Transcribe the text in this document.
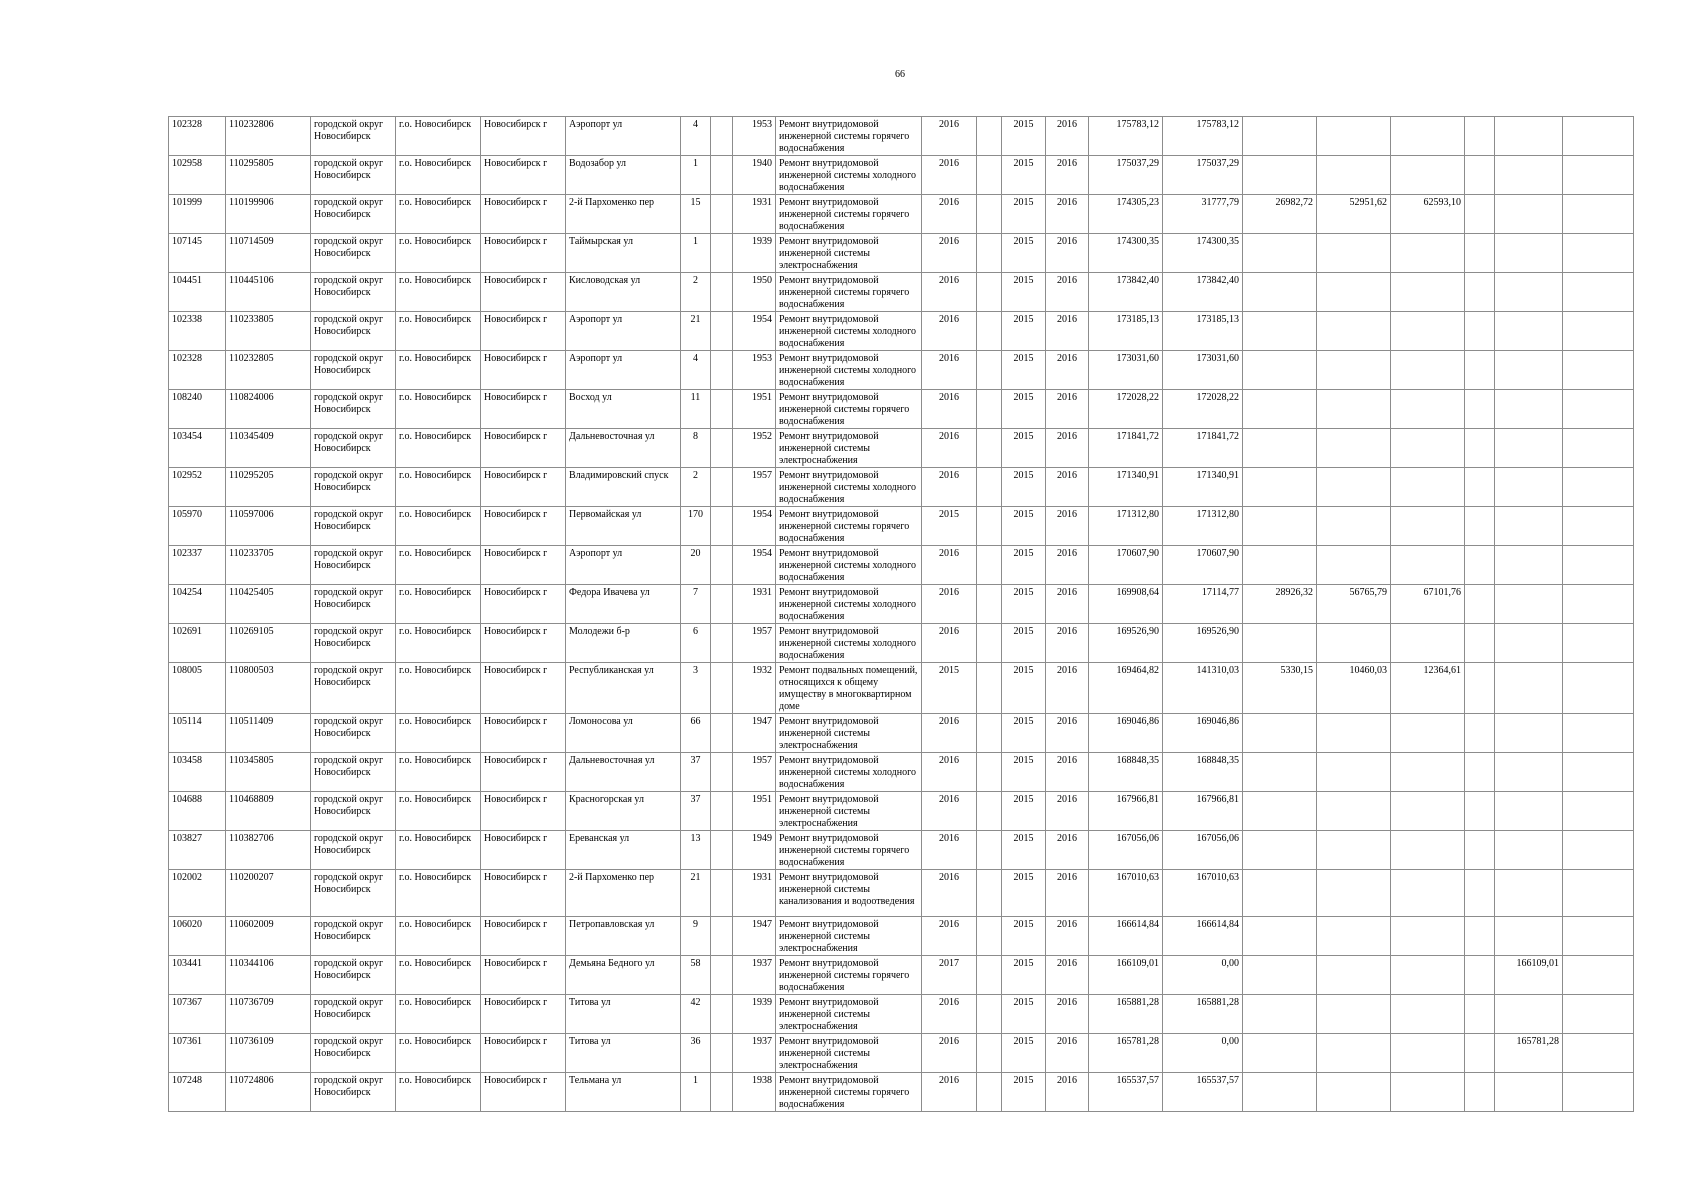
66
102328	110232806	городской округ Новосибирск	г.о. Новосибирск	Новосибирск г	Аэропорт ул	4		1953	Ремонт внутридомовой инженерной системы горячего водоснабжения	2016		2015	2016	175783,12	175783,12						
102958	110295805	городской округ Новосибирск	г.о. Новосибирск	Новосибирск г	Водозабор ул	1		1940	Ремонт внутридомовой инженерной системы холодного водоснабжения	2016		2015	2016	175037,29	175037,29						
101999	110199906	городской округ Новосибирск	г.о. Новосибирск	Новосибирск г	2-й Пархоменко пер	15		1931	Ремонт внутридомовой инженерной системы горячего водоснабжения	2016		2015	2016	174305,23	31777,79	26982,72	52951,62	62593,10			
107145	110714509	городской округ Новосибирск	г.о. Новосибирск	Новосибирск г	Таймырская ул	1		1939	Ремонт внутридомовой инженерной системы электроснабжения	2016		2015	2016	174300,35	174300,35						
104451	110445106	городской округ Новосибирск	г.о. Новосибирск	Новосибирск г	Кисловодская ул	2		1950	Ремонт внутридомовой инженерной системы горячего водоснабжения	2016		2015	2016	173842,40	173842,40						
102338	110233805	городской округ Новосибирск	г.о. Новосибирск	Новосибирск г	Аэропорт ул	21		1954	Ремонт внутридомовой инженерной системы холодного водоснабжения	2016		2015	2016	173185,13	173185,13						
102328	110232805	городской округ Новосибирск	г.о. Новосибирск	Новосибирск г	Аэропорт ул	4		1953	Ремонт внутридомовой инженерной системы холодного водоснабжения	2016		2015	2016	173031,60	173031,60						
108240	110824006	городской округ Новосибирск	г.о. Новосибирск	Новосибирск г	Восход ул	11		1951	Ремонт внутридомовой инженерной системы горячего водоснабжения	2016		2015	2016	172028,22	172028,22						
103454	110345409	городской округ Новосибирск	г.о. Новосибирск	Новосибирск г	Дальневосточная ул	8		1952	Ремонт внутридомовой инженерной системы электроснабжения	2016		2015	2016	171841,72	171841,72						
102952	110295205	городской округ Новосибирск	г.о. Новосибирск	Новосибирск г	Владимировский спуск	2		1957	Ремонт внутридомовой инженерной системы холодного водоснабжения	2016		2015	2016	171340,91	171340,91						
105970	110597006	городской округ Новосибирск	г.о. Новосибирск	Новосибирск г	Первомайская ул	170		1954	Ремонт внутридомовой инженерной системы горячего водоснабжения	2015		2015	2016	171312,80	171312,80						
102337	110233705	городской округ Новосибирск	г.о. Новосибирск	Новосибирск г	Аэропорт ул	20		1954	Ремонт внутридомовой инженерной системы холодного водоснабжения	2016		2015	2016	170607,90	170607,90						
104254	110425405	городской округ Новосибирск	г.о. Новосибирск	Новосибирск г	Федора Ивачева ул	7		1931	Ремонт внутридомовой инженерной системы холодного водоснабжения	2016		2015	2016	169908,64	17114,77	28926,32	56765,79	67101,76			
102691	110269105	городской округ Новосибирск	г.о. Новосибирск	Новосибирск г	Молодежи б-р	6		1957	Ремонт внутридомовой инженерной системы холодного водоснабжения	2016		2015	2016	169526,90	169526,90						
108005	110800503	городской округ Новосибирск	г.о. Новосибирск	Новосибирск г	Республиканская ул	3		1932	Ремонт подвальных помещений, относящихся к общему имуществу в многоквартирном доме	2015		2015	2016	169464,82	141310,03	5330,15	10460,03	12364,61			
105114	110511409	городской округ Новосибирск	г.о. Новосибирск	Новосибирск г	Ломоносова ул	66		1947	Ремонт внутридомовой инженерной системы электроснабжения	2016		2015	2016	169046,86	169046,86						
103458	110345805	городской округ Новосибирск	г.о. Новосибирск	Новосибирск г	Дальневосточная ул	37		1957	Ремонт внутридомовой инженерной системы холодного водоснабжения	2016		2015	2016	168848,35	168848,35						
104688	110468809	городской округ Новосибирск	г.о. Новосибирск	Новосибирск г	Красногорская ул	37		1951	Ремонт внутридомовой инженерной системы электроснабжения	2016		2015	2016	167966,81	167966,81						
103827	110382706	городской округ Новосибирск	г.о. Новосибирск	Новосибирск г	Ереванская ул	13		1949	Ремонт внутридомовой инженерной системы горячего водоснабжения	2016		2015	2016	167056,06	167056,06						
102002	110200207	городской округ Новосибирск	г.о. Новосибирск	Новосибирск г	2-й Пархоменко пер	21		1931	Ремонт внутридомовой инженерной системы канализования и водоотведения	2016		2015	2016	167010,63	167010,63						
106020	110602009	городской округ Новосибирск	г.о. Новосибирск	Новосибирск г	Петропавловская ул	9		1947	Ремонт внутридомовой инженерной системы электроснабжения	2016		2015	2016	166614,84	166614,84						
103441	110344106	городской округ Новосибирск	г.о. Новосибирск	Новосибирск г	Демьяна Бедного ул	58		1937	Ремонт внутридомовой инженерной системы горячего водоснабжения	2017		2015	2016	166109,01	0,00					166109,01	
107367	110736709	городской округ Новосибирск	г.о. Новосибирск	Новосибирск г	Титова ул	42		1939	Ремонт внутридомовой инженерной системы электроснабжения	2016		2015	2016	165881,28	165881,28						
107361	110736109	городской округ Новосибирск	г.о. Новосибирск	Новосибирск г	Титова ул	36		1937	Ремонт внутридомовой инженерной системы электроснабжения	2016		2015	2016	165781,28	0,00					165781,28	
107248	110724806	городской округ Новосибирск	г.о. Новосибирск	Новосибирск г	Тельмана ул	1		1938	Ремонт внутридомовой инженерной системы горячего водоснабжения	2016		2015	2016	165537,57	165537,57						
